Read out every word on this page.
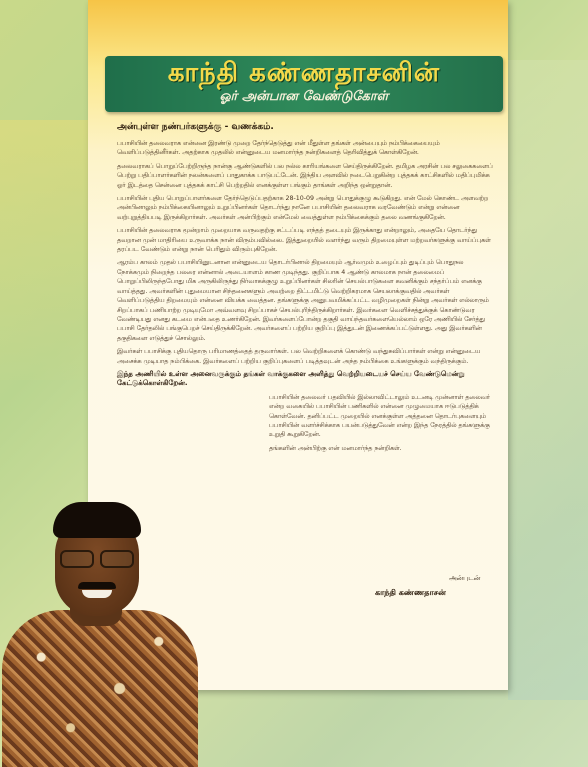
காந்தி கண்ணதாசனின்
ஓர் அன்பான வேண்டுகோள்

அன்புள்ள நண்பர்களுக்கு - வணக்கம்.

பபாசியின் தலைவராக என்னை இரண்டு முறை தேர்ந்தெடுத்து என் மீதுள்ள தங்கள் அன்பையும் நம்பிக்கையையும் வெளிப்படுத்தினீர்கள். அதற்காக முதலில் என்னுடைய மனமார்ந்த நன்றிகளைத் தெரிவித்துக் கொள்கிறேன்.

தலைவராகப் பொறுப்பேற்றிருந்த நான்கு ஆண்டுகளில் பல நல்ல காரியங்களை செய்திருக்கிறேன். தமிழக அரசின் பல சலுகைகளைப் பெற்று பதிப்பாளர்களின் நலன்களைப் பாதுகாக்க பாடுபட்டேன். இந்திய அளவில் நடைபெறுகின்ற புத்தகக் காட்சிகளில் மதிப்புமிக்க ஓர் இடத்தை சென்னை புத்தகக் காட்சி பெற்றதில் எனக்குள்ள பங்கும் தாங்கள் அறிந்த ஒன்றுதான்.

பபாசியின் புதிய பொறுப்பாளர்களை தேர்ந்தெடுப்பதற்காக 28-10-09 அன்று பொதுக்குழு கூடுகிறது. என் மேல் கொண்ட அளவற்ற அன்பினாலும் நம்பிக்கையினாலும் உறுப்பினர்கள் தொடர்ந்து நானே பபாசியின் தலைவராக வரவேண்டும் என்று என்னை வற்புறுத்தியபடி இருக்கிறார்கள். அவர்கள் அன்பிற்கும் என்மேல் வைத்துள்ள நம்பிக்கைக்கும் தலை வணங்குகிறேன்.

பபாசியின் தலைவராக மூன்றாம் முறையாக வருவதற்கு சட்டப்படி எந்தத் தடையும் இருக்காது என்றாலும், அதையே தொடர்ந்து தவறான முன் மாதிரியை உருவாக்க நான் விரும்பவில்லை. இத்துறையில் வளர்ந்து வரும் திறமையுள்ள மற்றவர்களுக்கு வாய்ப்புகள் தரப்பட வேண்டும் என்று நான் பெரிதும் விரும்புகிறேன்.

ஆரம்ப காலம் முதல் பபாசியினுடனான என்னுடைய தொடர்பினால் திறமையும் ஆர்வமும் உழைப்பும் துடிப்பும் பொதுநல நோக்கமும் நிறைந்த பலரை என்னால் அடையாளம் காண முடிந்தது. குறிப்பாக 4 ஆண்டு காலமாக நான் தலைமைப் பொறுப்பிலிருந்தபோது மிக அருகிலிருந்து நிர்வாகக்குழு உறுப்பினர்கள் சிலரின் செயல்பாடுகளை கவனிக்கும் சந்தர்ப்பம் எனக்கு வாய்த்தது. அவர்களின் புதுமையான சிந்தனைகளும் அவற்றை திட்டமிட்டு வெற்றிகரமாக செயலாக்குவதில் அவர்கள் வெளிப்படுத்திய திறமையும் என்னை வியக்க வைத்தன. தங்களுக்கு அனுபவமிக்கப்பட்ட வழிமுறைகள் நின்று அவர்கள் எல்லாரும் சிறப்பாகப் பணியாற்ற முடியுமோ அவ்வளவு சிறப்பாகச் செயல்புரிந்திருக்கிறார்கள். இவர்களை வெளிச்சத்துக்குக் கொண்டுவர வேண்டியது எனது கடமை என்பதை உணர்கிறேன். இவர்களைப்போன்ற தகுதி வாய்ந்தவர்களையெல்லாம் ஒரே அணியில் சேர்த்து பபாசி தேர்தலில் பங்குபெறச் செய்திருக்கிறேன். அவர்களைப் பற்றிய குறிப்பு இத்துடன் இணைக்கப்பட்டுள்ளது. அது இவர்களின் தகுதிகளை எடுத்துச் சொல்லும்.

இவர்கள் பபாசிக்கு புதியதொரு பரிமாணத்தைத் தருவார்கள். பல வெற்றிகளைக் கொண்டு வந்துசுவிப்பார்கள் என்று என்னுடைய அசைக்க முடியாத நம்பிக்கை. இவர்களைப் பற்றிய குறிப்புகளைப் படித்தவுடன் அந்த நம்பிக்கை உங்களுக்கும் வந்திருக்கும்.

இந்த அணியில் உள்ள அனைவருக்கும் தங்கள் வாக்குகளை அளித்து வெற்றியடையச் செய்ய வேண்டுமென்று கேட்டுக்கொள்கிறேன்.

பபாசியின் தலைவர் பதவியில் இல்லாவிட்டாலும் உடனடி முன்னாள் தலைவர் என்ற வகையில் பபாசியின் பணிகளில் என்னை முழுமையாக ஈடுபடுத்திக் கொள்வேன். தனிப்பட்ட முறையில் எனக்குள்ள அத்தனை தொடர்புகளையும் பபாசியின் வளர்ச்சிக்காக பயன்படுத்துவேன் என்ற இந்த நேரத்தில் தங்களுக்கு உறுதி கூறுகிறேன்.

தங்களின் அன்பிற்கு என் மனமார்ந்த நன்றிகள்.

அன்புடன்
காந்தி கண்ணதாசன்
